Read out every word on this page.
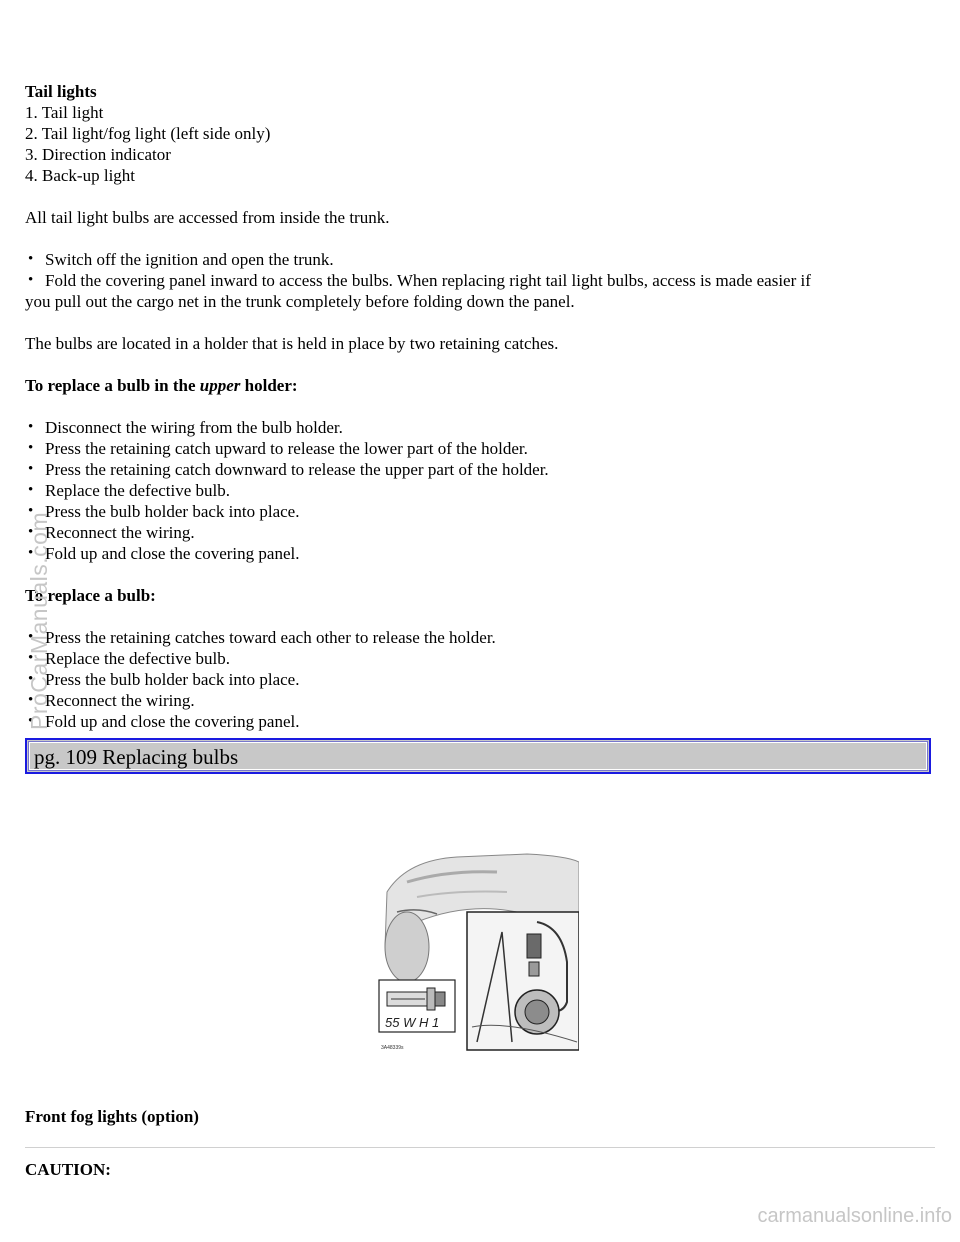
Tail lights
1. Tail light
2. Tail light/fog light (left side only)
3. Direction indicator
4. Back-up light

All tail light bulbs are accessed from inside the trunk.

• Switch off the ignition and open the trunk.
• Fold the covering panel inward to access the bulbs. When replacing right tail light bulbs, access is made easier if
you pull out the cargo net in the trunk completely before folding down the panel.

The bulbs are located in a holder that is held in place by two retaining catches.

To replace a bulb in the upper holder:
• Disconnect the wiring from the bulb holder.
• Press the retaining catch upward to release the lower part of the holder.
• Press the retaining catch downward to release the upper part of the holder.
• Replace the defective bulb.
• Press the bulb holder back into place.
• Reconnect the wiring.
• Fold up and close the covering panel.
To replace a bulb:
• Press the retaining catches toward each other to release the holder.
• Replace the defective bulb.
• Press the bulb holder back into place.
• Reconnect the wiring.
• Fold up and close the covering panel.
pg. 109 Replacing bulbs
55 W H 1
3A48339s
Front fog lights (option)
CAUTION:
ProCarManuals.com
carmanualsonline.info
